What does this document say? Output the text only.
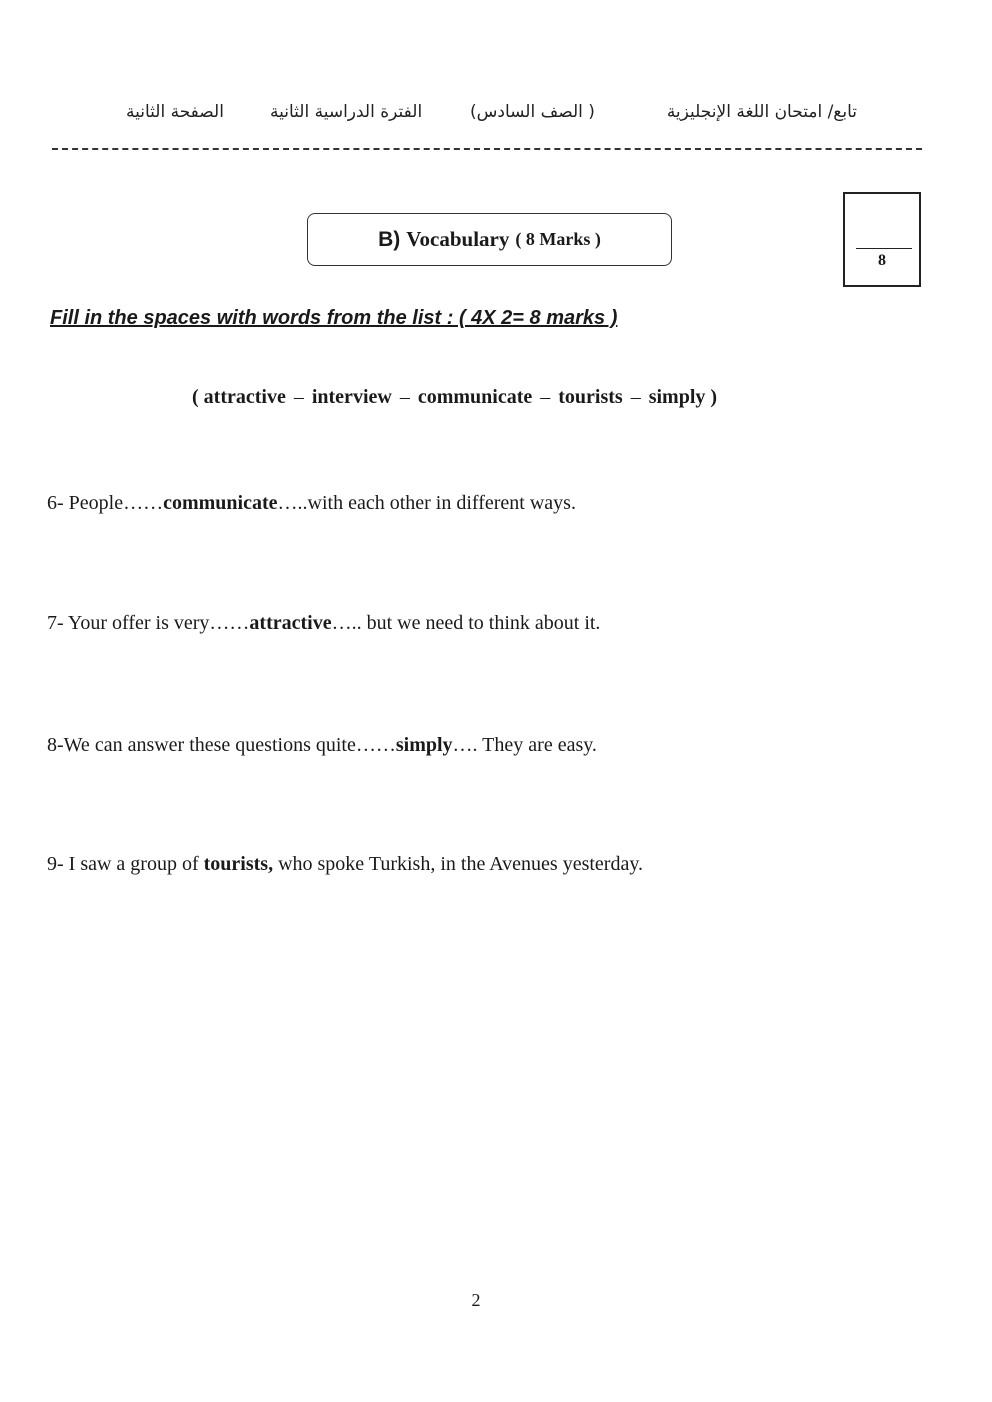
تابع/ امتحان اللغة الإنجليزية
( الصف السادس)
الفترة الدراسية الثانية
الصفحة الثانية
B) Vocabulary ( 8 Marks )
8
Fill in the spaces with words from the list : ( 4X 2= 8 marks )
( attractive – interview – communicate – tourists – simply )
6- People……communicate…..with each other in different ways.
7- Your offer is very……attractive….. but we need to think about it.
8-We can answer these questions quite……simply…. They are easy.
9- I saw a group of tourists, who spoke Turkish, in the Avenues yesterday.
2
